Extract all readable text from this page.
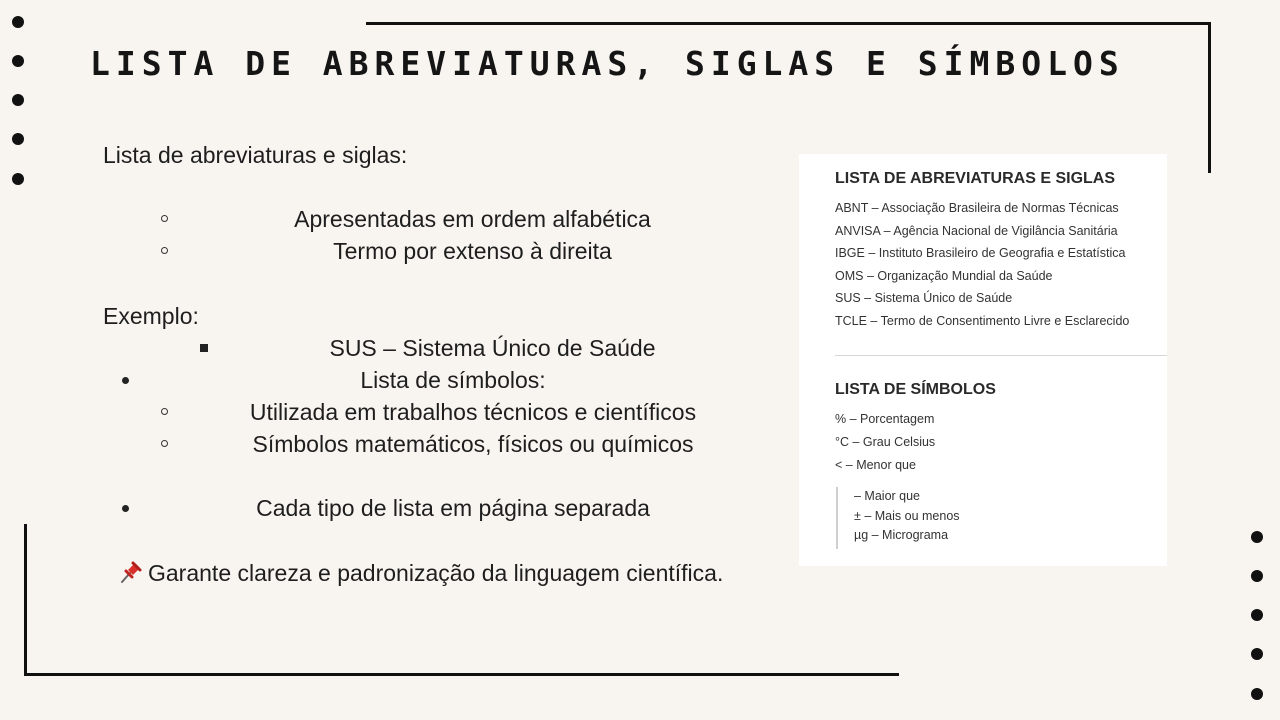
LISTA DE ABREVIATURAS, SIGLAS E SÍMBOLOS
Lista de abreviaturas e siglas:
Apresentadas em ordem alfabética
Termo por extenso à direita
Exemplo:
SUS – Sistema Único de Saúde
Lista de símbolos:
Utilizada em trabalhos técnicos e científicos
Símbolos matemáticos, físicos ou químicos
Cada tipo de lista em página separada
Garante clareza e padronização da linguagem científica.
LISTA DE ABREVIATURAS E SIGLAS
ABNT – Associação Brasileira de Normas Técnicas
ANVISA – Agência Nacional de Vigilância Sanitária
IBGE – Instituto Brasileiro de Geografia e Estatística
OMS – Organização Mundial da Saúde
SUS – Sistema Único de Saúde
TCLE – Termo de Consentimento Livre e Esclarecido
LISTA DE SÍMBOLOS
% – Porcentagem
°C – Grau Celsius
< – Menor que
– Maior que
± – Mais ou menos
µg – Micrograma
